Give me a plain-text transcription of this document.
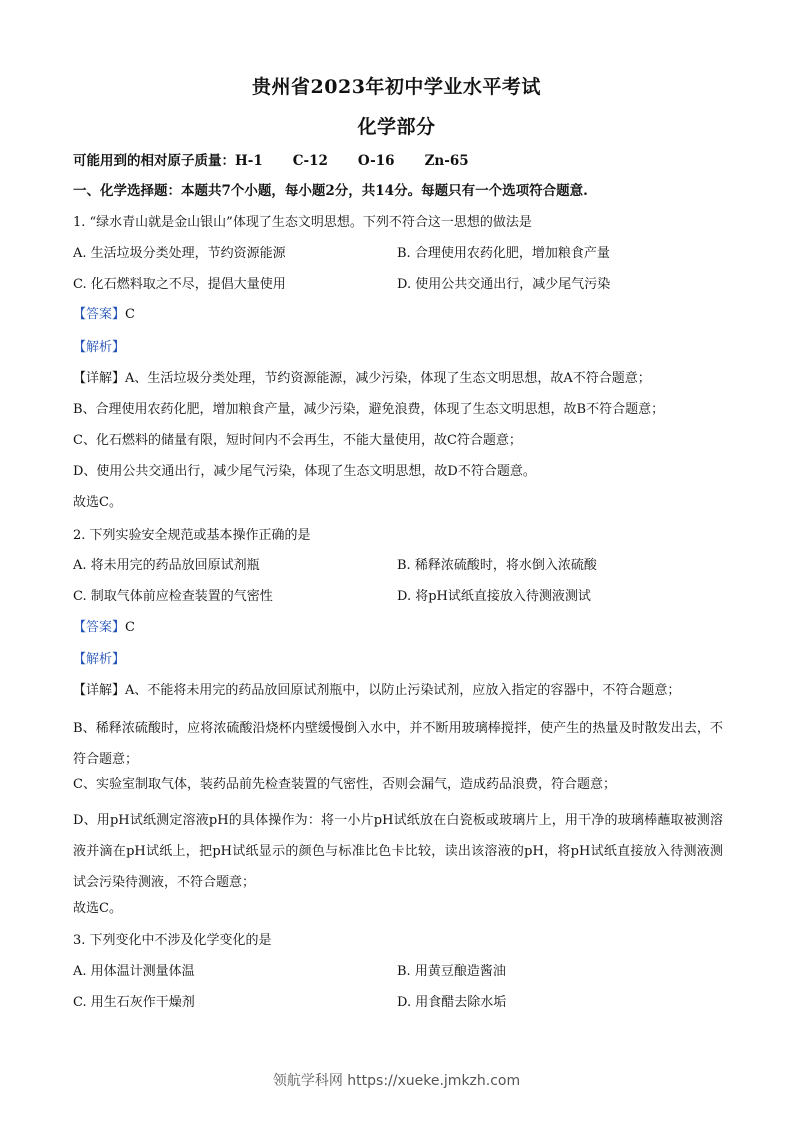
贵州省2023年初中学业水平考试
化学部分
可能用到的相对原子质量：H-1 C-12 O-16 Zn-65
一、化学选择题：本题共7个小题，每小题2分，共14分。每题只有一个选项符合题意.
1. “绿水青山就是金山银山”体现了生态文明思想。下列不符合这一思想的做法是
A. 生活垃圾分类处理，节约资源能源	B. 合理使用农药化肥，增加粮食产量
C. 化石燃料取之不尽，提倡大量使用	D. 使用公共交通出行，减少尾气污染
【答案】C
【解析】
【详解】A、生活垃圾分类处理，节约资源能源，减少污染，体现了生态文明思想，故A不符合题意；
B、合理使用农药化肥，增加粮食产量，减少污染，避免浪费，体现了生态文明思想，故B不符合题意；
C、化石燃料的储量有限，短时间内不会再生，不能大量使用，故C符合题意；
D、使用公共交通出行，减少尾气污染，体现了生态文明思想，故D不符合题意。
故选C。
2. 下列实验安全规范或基本操作正确的是
A. 将未用完的药品放回原试剂瓶	B. 稀释浓硫酸时，将水倒入浓硫酸
C. 制取气体前应检查装置的气密性	D. 将pH试纸直接放入待测液测试
【答案】C
【解析】
【详解】A、不能将未用完的药品放回原试剂瓶中，以防止污染试剂，应放入指定的容器中，不符合题意；
B、稀释浓硫酸时，应将浓硫酸沿烧杯内壁缓慢倒入水中，并不断用玻璃棒搅拌，使产生的热量及时散发出去，不符合题意；
C、实验室制取气体，装药品前先检查装置的气密性，否则会漏气，造成药品浪费，符合题意；
D、用pH试纸测定溶液pH的具体操作为：将一小片pH试纸放在白瓷板或玻璃片上，用干净的玻璃棒蘸取被测溶液并滴在pH试纸上，把pH试纸显示的颜色与标准比色卡比较，读出该溶液的pH，将pH试纸直接放入待测液测试会污染待测液，不符合题意；
故选C。
3. 下列变化中不涉及化学变化的是
A. 用体温计测量体温	B. 用黄豆酿造酱油
C. 用生石灰作干燥剂	D. 用食醋去除水垢
领航学科网 https://xueke.jmkzh.com
